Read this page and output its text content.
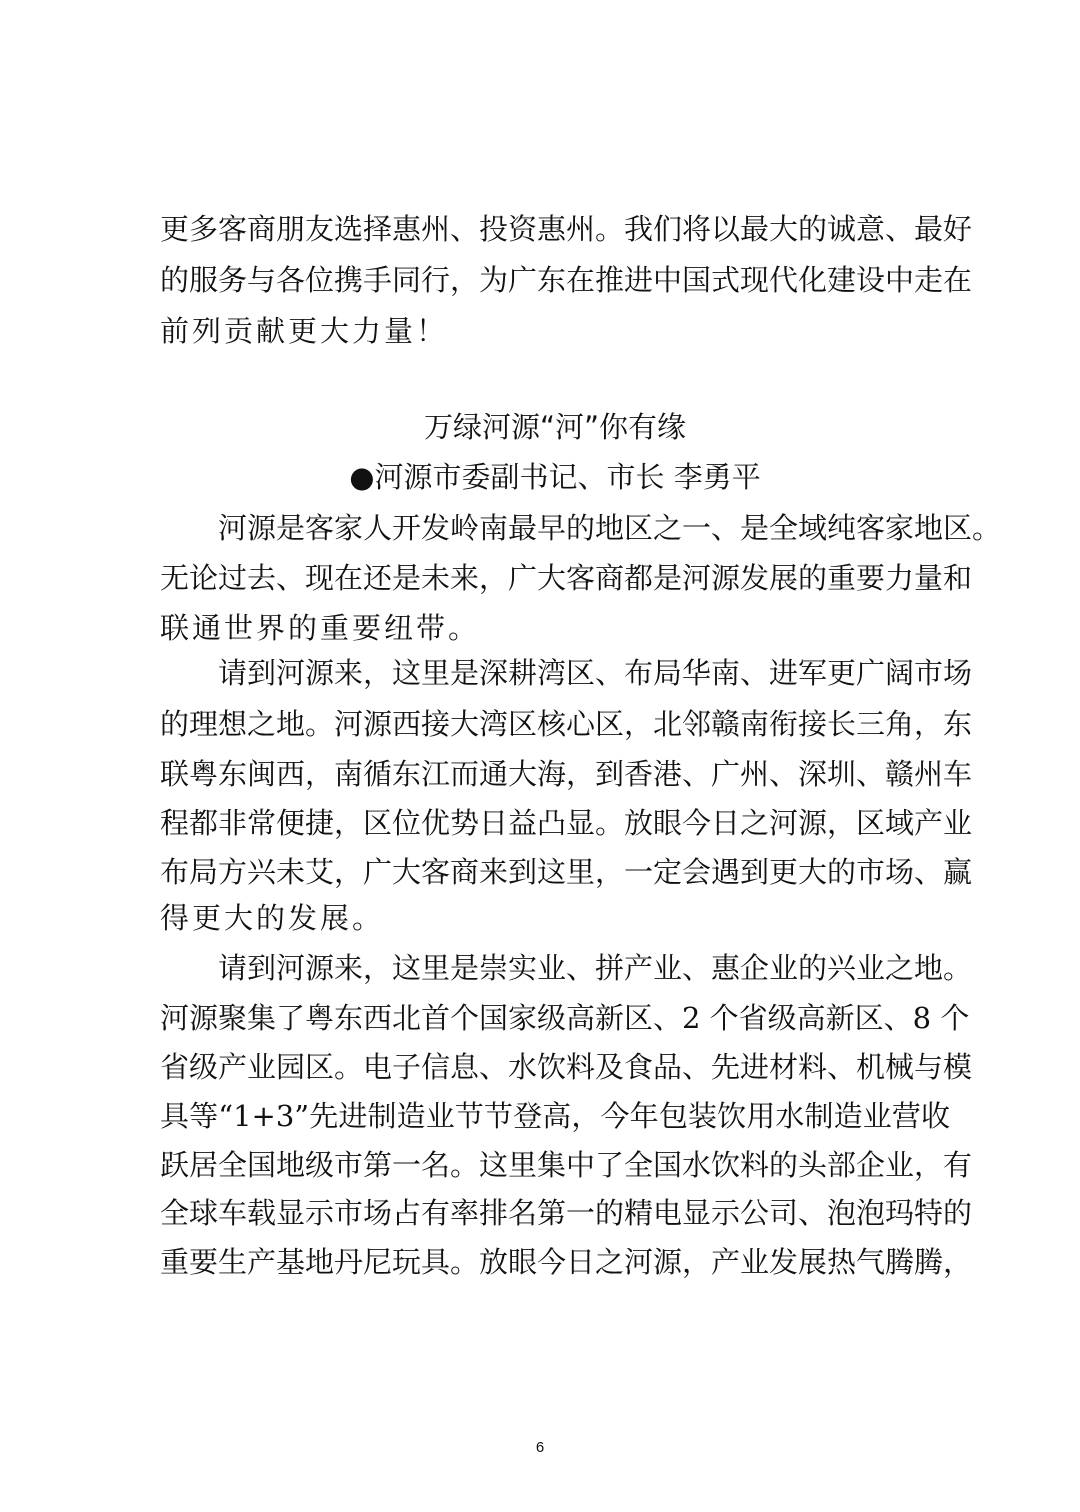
更多客商朋友选择惠州、投资惠州。我们将以最大的诚意、最好
的服务与各位携手同行，为广东在推进中国式现代化建设中走在
前列贡献更大力量！
万绿河源“河”你有缘
●河源市委副书记、市长 李勇平
　　河源是客家人开发岭南最早的地区之一、是全域纯客家地区。
无论过去、现在还是未来，广大客商都是河源发展的重要力量和
联通世界的重要纽带。
　　请到河源来，这里是深耕湾区、布局华南、进军更广阔市场
的理想之地。河源西接大湾区核心区，北邻赣南衔接长三角，东
联粤东闽西，南循东江而通大海，到香港、广州、深圳、赣州车
程都非常便捷，区位优势日益凸显。放眼今日之河源，区域产业
布局方兴未艾，广大客商来到这里，一定会遇到更大的市场、赢
得更大的发展。
　　请到河源来，这里是崇实业、拼产业、惠企业的兴业之地。
河源聚集了粤东西北首个国家级高新区、2 个省级高新区、8 个
省级产业园区。电子信息、水饮料及食品、先进材料、机械与模
具等“1+3”先进制造业节节登高，今年包装饮用水制造业营收
跃居全国地级市第一名。这里集中了全国水饮料的头部企业，有
全球车载显示市场占有率排名第一的精电显示公司、泡泡玛特的
重要生产基地丹尼玩具。放眼今日之河源，产业发展热气腾腾，
6
